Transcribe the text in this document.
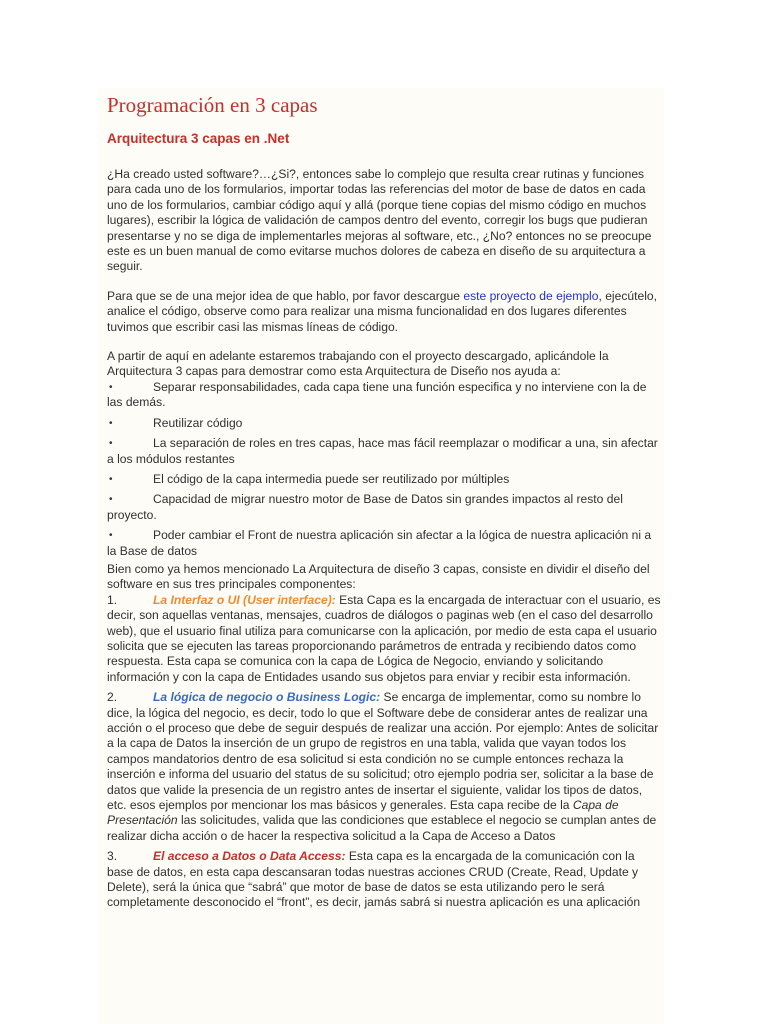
Programación en 3 capas
Arquitectura 3 capas en .Net

¿Ha creado usted software?…¿Si?, entonces sabe lo complejo que resulta crear rutinas y funciones para cada uno de los formularios, importar todas las referencias del motor de base de datos en cada uno de los formularios, cambiar código aquí y allá (porque tiene copias del mismo código en muchos lugares), escribir la lógica de validación de campos dentro del evento, corregir los bugs que pudieran presentarse y no se diga de implementarles mejoras al software, etc., ¿No? entonces no se preocupe este es un buen manual de como evitarse muchos dolores de cabeza en diseño de su arquitectura a seguir.

Para que se de una mejor idea de que hablo, por favor descargue este proyecto de ejemplo, ejecútelo, analice el código, observe como para realizar una misma funcionalidad en dos lugares diferentes tuvimos que escribir casi las mismas líneas de código.

A partir de aquí en adelante estaremos trabajando con el proyecto descargado, aplicándole la Arquitectura 3 capas para demostrar como esta Arquitectura de Diseño nos ayuda a:

•	Separar responsabilidades, cada capa tiene una función especifica y no interviene con la de las demás.
•	Reutilizar código
•	La separación de roles en tres capas, hace mas fácil reemplazar o modificar a una, sin afectar a los módulos restantes
•	El código de la capa intermedia puede ser reutilizado por múltiples
•	Capacidad de migrar nuestro motor de Base de Datos sin grandes impactos al resto del proyecto.
•	Poder cambiar el Front de nuestra aplicación sin afectar a la lógica de nuestra aplicación ni a la Base de datos

Bien como ya hemos mencionado La Arquitectura de diseño 3 capas, consiste en dividir el diseño del software en sus tres principales componentes:

1.	La Interfaz o UI (User interface): Esta Capa es la encargada de interactuar con el usuario, es decir, son aquellas ventanas, mensajes, cuadros de diálogos o paginas web (en el caso del desarrollo web), que el usuario final utiliza para comunicarse con la aplicación, por medio de esta capa el usuario solicita que se ejecuten las tareas proporcionando parámetros de entrada y recibiendo datos como respuesta. Esta capa se comunica con la capa de Lógica de Negocio, enviando y solicitando información y con la capa de Entidades usando sus objetos para enviar y recibir esta información.

2.	La lógica de negocio o Business Logic: Se encarga de implementar, como su nombre lo dice, la lógica del negocio, es decir, todo lo que el Software debe de considerar antes de realizar una acción o el proceso que debe de seguir después de realizar una acción. Por ejemplo: Antes de solicitar a la capa de Datos la inserción de un grupo de registros en una tabla, valida que vayan todos los campos mandatorios dentro de esa solicitud si esta condición no se cumple entonces rechaza la inserción e informa del usuario del status de su solicitud; otro ejemplo podria ser, solicitar a la base de datos que valide la presencia de un registro antes de insertar el siguiente, validar los tipos de datos, etc. esos ejemplos por mencionar los mas básicos y generales. Esta capa recibe de la Capa de Presentación las solicitudes, valida que las condiciones que establece el negocio se cumplan antes de realizar dicha acción o de hacer la respectiva solicitud a la Capa de Acceso a Datos

3.	El acceso a Datos o Data Access: Esta capa es la encargada de la comunicación con la base de datos, en esta capa descansaran todas nuestras acciones CRUD (Create, Read, Update y Delete), será la única que “sabrá” que motor de base de datos se esta utilizando pero le será completamente desconocido el “front”, es decir, jamás sabrá si nuestra aplicación es una aplicación
